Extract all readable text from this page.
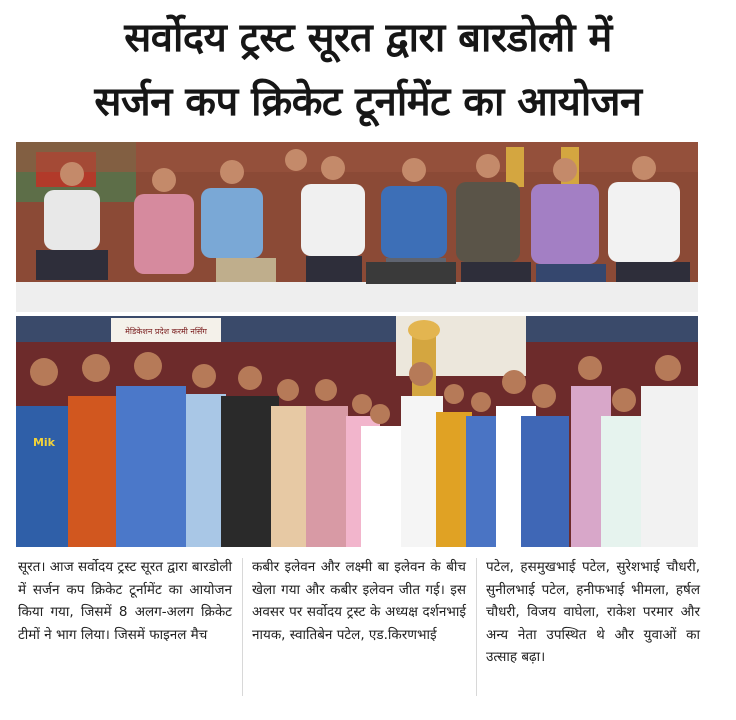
सर्वोदय ट्रस्ट सूरत द्वारा बारडोली में
सर्जन कप क्रिकेट टूर्नामेंट का आयोजन
मेडिकेशन प्रदेश करमी नर्सिंग
Mik
सूरत। आज सर्वोदय ट्रस्ट सूरत द्वारा बारडोली में सर्जन कप क्रिकेट टूर्नामेंट का आयोजन किया गया, जिसमें 8 अलग-अलग क्रिकेट टीमों ने भाग लिया। जिसमें फाइनल मैच
कबीर इलेवन और लक्ष्मी बा इलेवन के बीच खेला गया और कबीर इलेवन जीत गई। इस अवसर पर सर्वोदय ट्रस्ट के अध्यक्ष दर्शनभाई नायक, स्वातिबेन पटेल, एड.किरणभाई
पटेल, हसमुखभाई पटेल, सुरेशभाई चौधरी, सुनीलभाई पटेल, हनीफभाई भीमला, हर्षल चौधरी, विजय वाघेला, राकेश परमार और अन्य नेता उपस्थित थे और युवाओं का उत्साह बढ़ा।
